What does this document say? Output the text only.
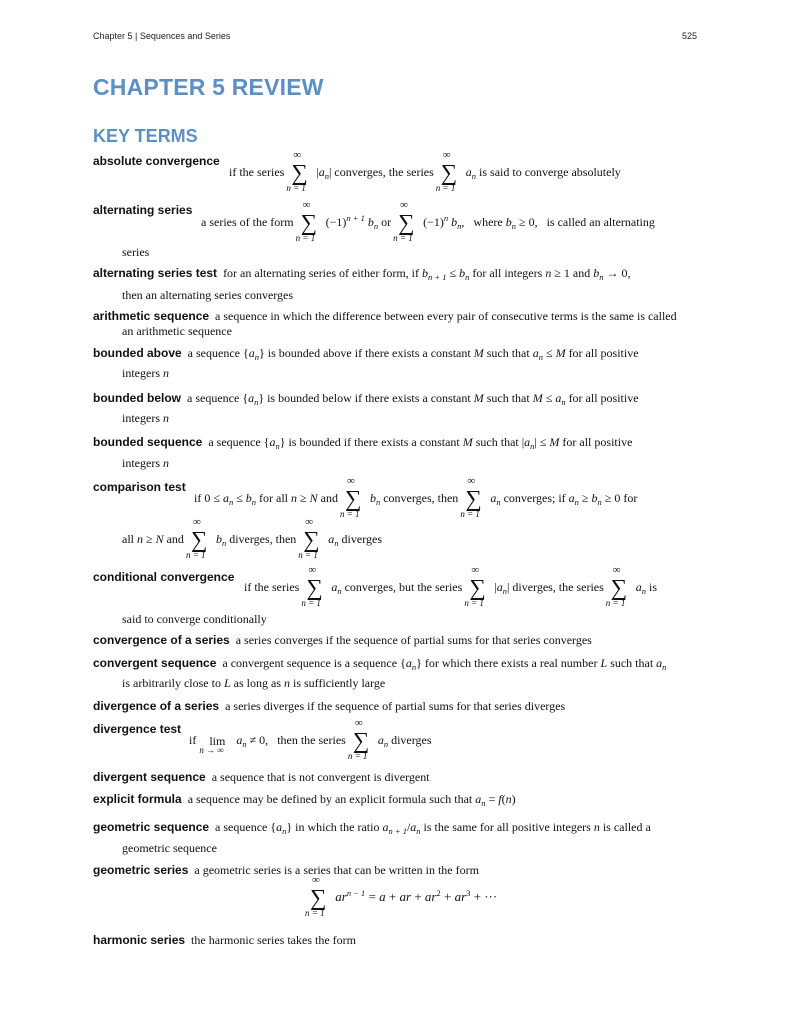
Chapter 5 | Sequences and Series	525
CHAPTER 5 REVIEW
KEY TERMS
absolute convergence
if the series
∞
∑
n = 1
$|a_n|$ converges, the series
∞
∑
n = 1
$a_n$ is said to converge absolutely
alternating series
a series of the form
∞
∑
n = 1
$(-1)^{n + 1}$ $b_n$ or
∞
∑
n = 1
$(-1)^n$ $b_n$,   where $b_n \ge 0$,   is called an alternating
series
alternating series test for an alternating series of either form, if $b_{n + 1} \le b_n$ for all integers n ≥ 1 and $b_n \to 0$,
then an alternating series converges
arithmetic sequence a sequence in which the difference between every pair of consecutive terms is the same is called
an arithmetic sequence
bounded above a sequence $\{a_n\}$ is bounded above if there exists a constant M such that $a_n \le M$ for all positive
integers n
bounded below a sequence $\{a_n\}$ is bounded below if there exists a constant M such that $M \le a_n$ for all positive
integers n
bounded sequence a sequence $\{a_n\}$ is bounded if there exists a constant M such that $|a_n| \le M$ for all positive
integers n
comparison test
if $0 \le a_n \le b_n$ for all n ≥ N and
∞
∑
n = 1
$b_n$ converges, then
∞
∑
n = 1
$a_n$ converges; if $a_n \ge b_n \ge 0$ for
all n ≥ N and
∞
∑
n = 1
$b_n$ diverges, then
∞
∑
n = 1
$a_n$ diverges
conditional convergence
if the series
∞
∑
n = 1
$a_n$ converges, but the series
∞
∑
n = 1
$|a_n|$ diverges, the series
∞
∑
n = 1
$a_n$ is
said to converge conditionally
convergence of a series a series converges if the sequence of partial sums for that series converges
convergent sequence a convergent sequence is a sequence $\{a_n\}$ for which there exists a real number L such that $a_n$
is arbitrarily close to L as long as n is sufficiently large
divergence of a series a series diverges if the sequence of partial sums for that series diverges
divergence test
if lim
n → ∞
$a_n \ne 0$,   then the series
∞
∑
n = 1
$a_n$ diverges
divergent sequence a sequence that is not convergent is divergent
explicit formula a sequence may be defined by an explicit formula such that $a_n = f(n)$
geometric sequence a sequence $\{a_n\}$ in which the ratio $a_{n + 1}/a_n$ is the same for all positive integers n is called a
geometric sequence
geometric series a geometric series is a series that can be written in the form
∞
∑
n = 1
$ar_{n - 1} = a$ + ar + $ar^2 + ar^3$ + ···
harmonic series the harmonic series takes the form
